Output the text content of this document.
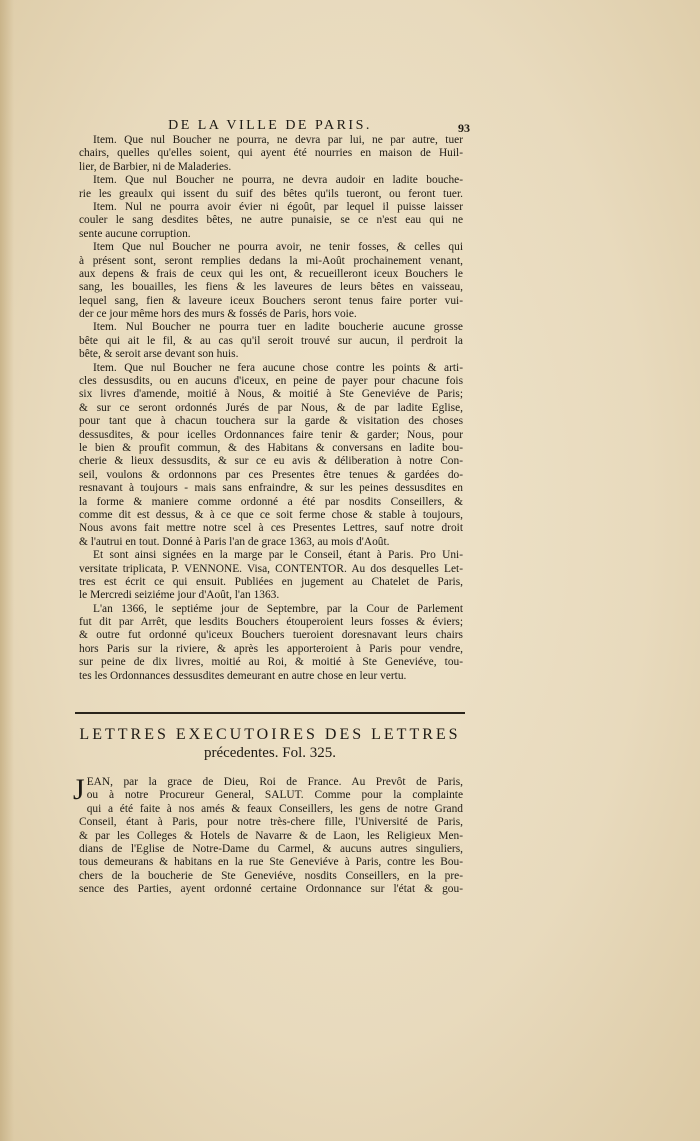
DE LA VILLE DE PARIS.	93
Item. Que nul Boucher ne pourra, ne devra par lui, ne par autre, tuer
chairs, quelles qu'elles soient, qui ayent été nourries en maison de Huil-
lier, de Barbier, ni de Maladeries.
Item. Que nul Boucher ne pourra, ne devra audoir en ladite bouche-
rie les greaulx qui issent du suif des bêtes qu'ils tueront, ou feront tuer.
Item. Nul ne pourra avoir évier ni égoût, par lequel il puisse laisser
couler le sang desdites bêtes, ne autre punaisie, se ce n'est eau qui ne
sente aucune corruption.
Item Que nul Boucher ne pourra avoir, ne tenir fosses, & celles qui
à présent sont, seront remplies dedans la mi-Août prochainement venant,
aux depens & frais de ceux qui les ont, & recueilleront iceux Bouchers le
sang, les bouailles, les fiens & les laveures de leurs bêtes en vaisseau,
lequel sang, fien & laveure iceux Bouchers seront tenus faire porter vui-
der ce jour même hors des murs & fossés de Paris, hors voie.
Item. Nul Boucher ne pourra tuer en ladite boucherie aucune grosse
bête qui ait le fil, & au cas qu'il seroit trouvé sur aucun, il perdroit la
bête, & seroit arse devant son huis.
Item. Que nul Boucher ne fera aucune chose contre les points & arti-
cles dessusdits, ou en aucuns d'iceux, en peine de payer pour chacune fois
six livres d'amende, moitié à Nous, & moitié à Ste Geneviéve de Paris;
& sur ce seront ordonnés Jurés de par Nous, & de par ladite Eglise,
pour tant que à chacun touchera sur la garde & visitation des choses
dessusdites, & pour icelles Ordonnances faire tenir & garder; Nous, pour
le bien & proufit commun, & des Habitans & conversans en ladite bou-
cherie & lieux dessusdits, & sur ce eu avis & déliberation à notre Con-
seil, voulons & ordonnons par ces Presentes être tenues & gardées do-
resnavant à toujours - mais sans enfraindre, & sur les peines dessusdites en
la forme & maniere comme ordonné a été par nosdits Conseillers, &
comme dit est dessus, & à ce que ce soit ferme chose & stable à toujours,
Nous avons fait mettre notre scel à ces Presentes Lettres, sauf notre droit
& l'autrui en tout. Donné à Paris l'an de grace 1363, au mois d'Août.
Et sont ainsi signées en la marge par le Conseil, étant à Paris. Pro Uni-
versitate triplicata, P. VENNONE. Visa, CONTENTOR. Au dos desquelles Let-
tres est écrit ce qui ensuit. Publiées en jugement au Chatelet de Paris,
le Mercredi seiziéme jour d'Août, l'an 1363.
L'an 1366, le septiéme jour de Septembre, par la Cour de Parlement
fut dit par Arrêt, que lesdits Bouchers étouperoient leurs fosses & éviers;
& outre fut ordonné qu'iceux Bouchers tueroient doresnavant leurs chairs
hors Paris sur la riviere, & après les apporteroient à Paris pour vendre,
sur peine de dix livres, moitié au Roi, & moitié à Ste Geneviéve, tou-
tes les Ordonnances dessusdites demeurant en autre chose en leur vertu.
LETTRES EXECUTOIRES DES LETTRES
précedentes. Fol. 325.
J EAN, par la grace de Dieu, Roi de France. Au Prevôt de Paris,
ou à notre Procureur General, SALUT. Comme pour la complainte
qui a été faite à nos amés & feaux Conseillers, les gens de notre Grand
Conseil, étant à Paris, pour notre très-chere fille, l'Université de Paris,
& par les Colleges & Hotels de Navarre & de Laon, les Religieux Men-
dians de l'Eglise de Notre-Dame du Carmel, & aucuns autres singuliers,
tous demeurans & habitans en la rue Ste Geneviéve à Paris, contre les Bou-
chers de la boucherie de Ste Geneviéve, nosdits Conseillers, en la pre-
sence des Parties, ayent ordonné certaine Ordonnance sur l'état & gou-
